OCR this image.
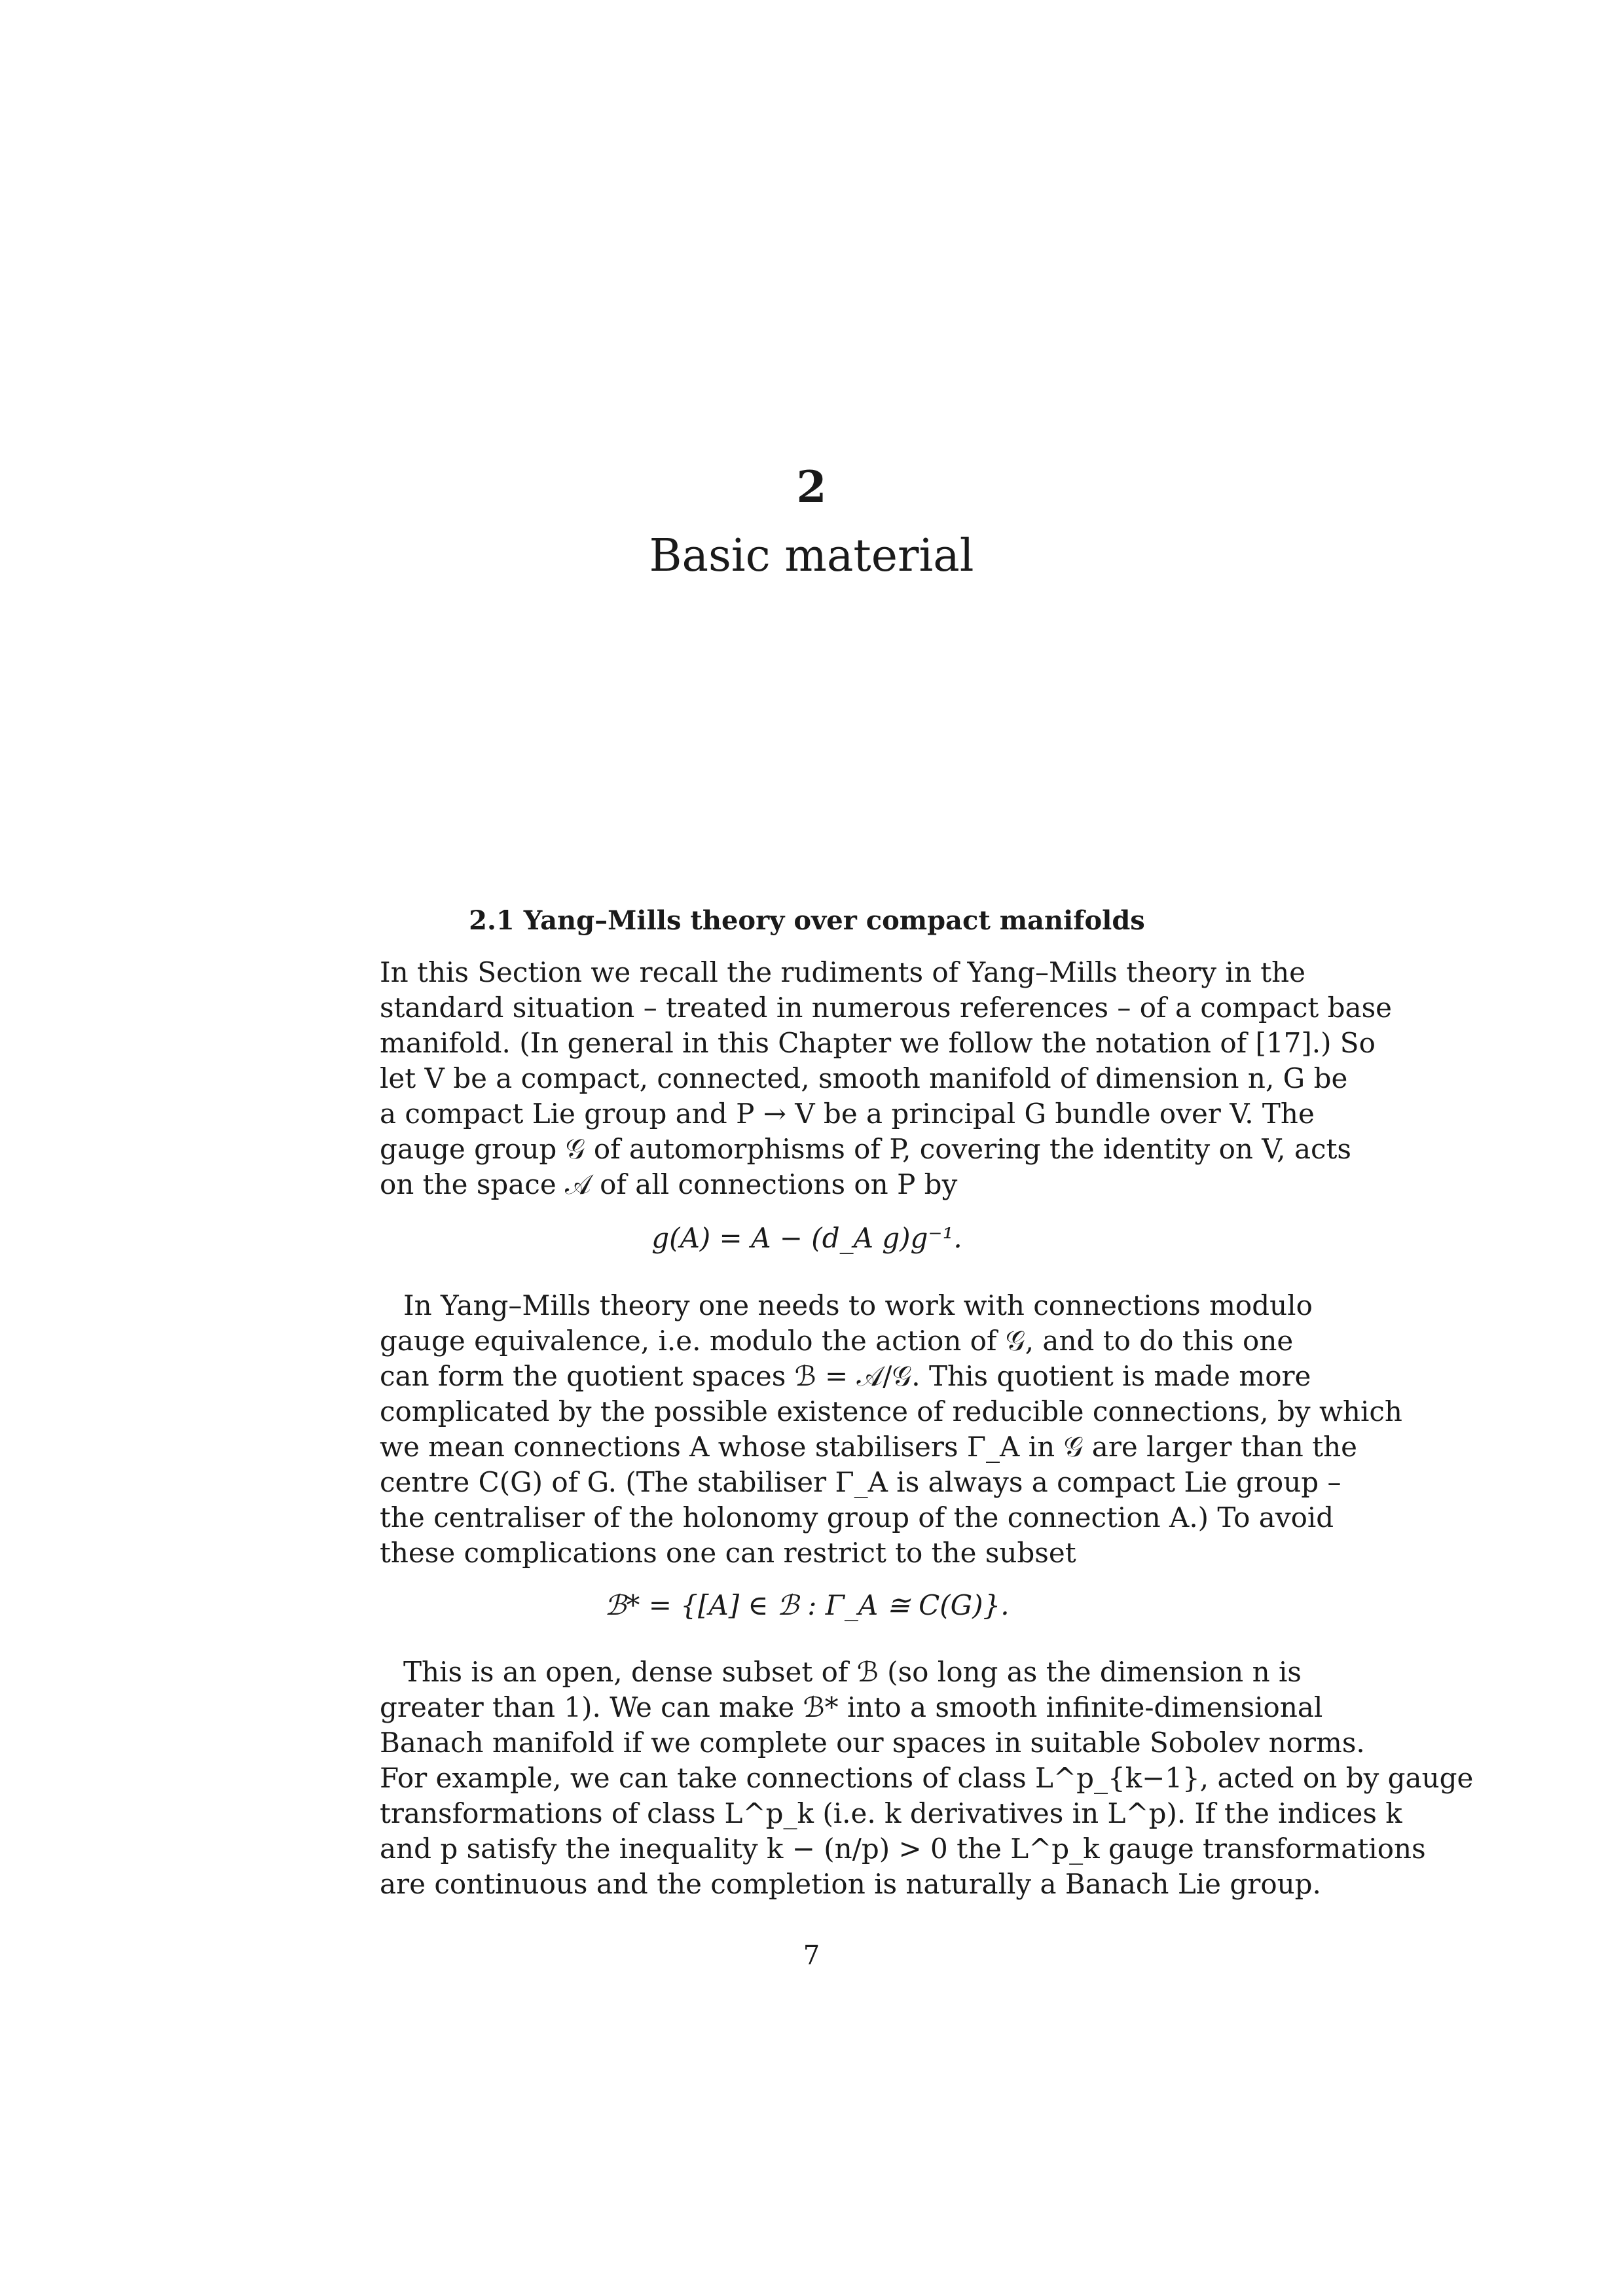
2
Basic material
2.1 Yang–Mills theory over compact manifolds
In this Section we recall the rudiments of Yang–Mills theory in the
standard situation – treated in numerous references – of a compact base
manifold. (In general in this Chapter we follow the notation of [17].) So
let V be a compact, connected, smooth manifold of dimension n, G be
a compact Lie group and P → V be a principal G bundle over V. The
gauge group 𝒢 of automorphisms of P, covering the identity on V, acts
on the space 𝒜 of all connections on P by
g(A) = A − (d_A g)g⁻¹.
In Yang–Mills theory one needs to work with connections modulo
gauge equivalence, i.e. modulo the action of 𝒢, and to do this one
can form the quotient spaces ℬ = 𝒜/𝒢. This quotient is made more
complicated by the possible existence of reducible connections, by which
we mean connections A whose stabilisers Γ_A in 𝒢 are larger than the
centre C(G) of G. (The stabiliser Γ_A is always a compact Lie group –
the centraliser of the holonomy group of the connection A.) To avoid
these complications one can restrict to the subset
ℬ* = {[A] ∈ ℬ : Γ_A ≅ C(G)}.
This is an open, dense subset of ℬ (so long as the dimension n is
greater than 1). We can make ℬ* into a smooth infinite-dimensional
Banach manifold if we complete our spaces in suitable Sobolev norms.
For example, we can take connections of class L^p_{k−1}, acted on by gauge
transformations of class L^p_k (i.e. k derivatives in L^p). If the indices k
and p satisfy the inequality k − (n/p) > 0 the L^p_k gauge transformations
are continuous and the completion is naturally a Banach Lie group.
7
